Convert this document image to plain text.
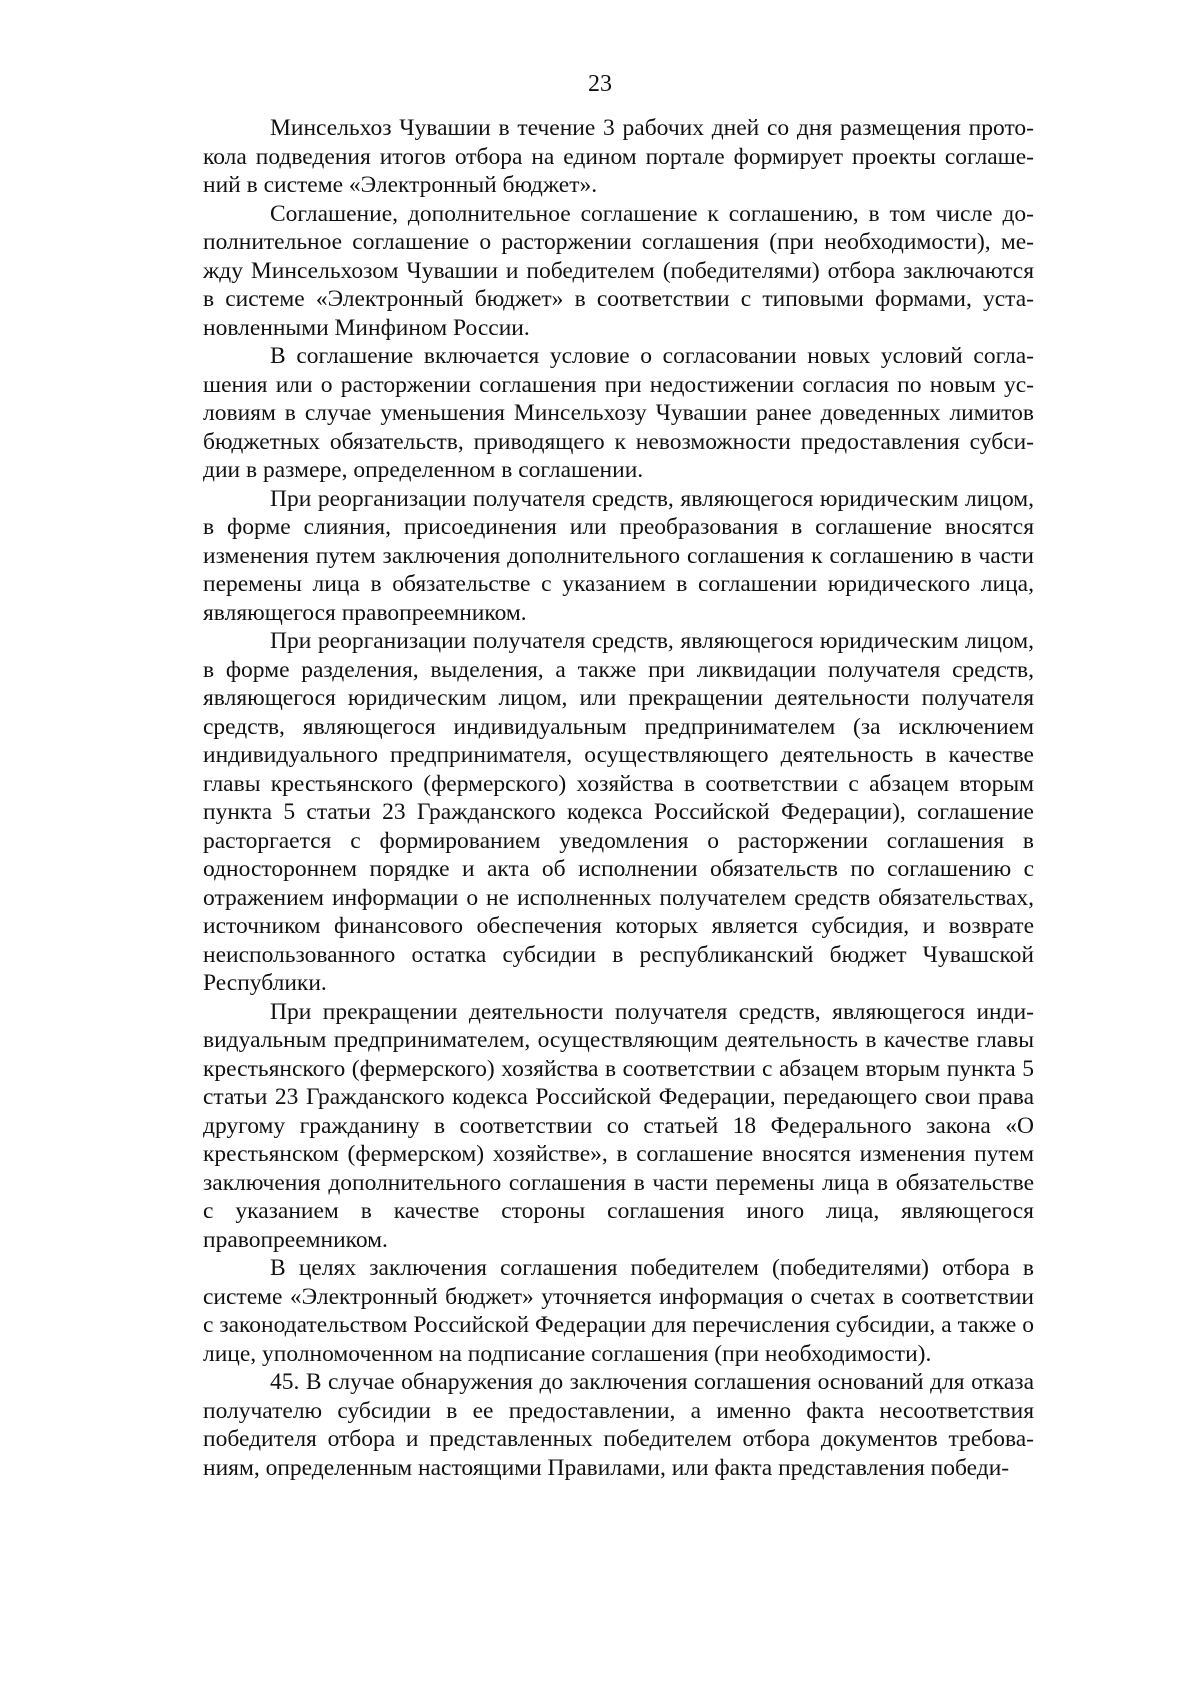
23

Минсельхоз Чувашии в течение 3 рабочих дней со дня размещения протокола подведения итогов отбора на едином портале формирует проекты соглашений в системе «Электронный бюджет».

Соглашение, дополнительное соглашение к соглашению, в том числе дополнительное соглашение о расторжении соглашения (при необходимости), между Минсельхозом Чувашии и победителем (победителями) отбора заключаются в системе «Электронный бюджет» в соответствии с типовыми формами, установленными Минфином России.

В соглашение включается условие о согласовании новых условий соглашения или о расторжении соглашения при недостижении согласия по новым условиям в случае уменьшения Минсельхозу Чувашии ранее доведенных лимитов бюджетных обязательств, приводящего к невозможности предоставления субсидии в размере, определенном в соглашении.

При реорганизации получателя средств, являющегося юридическим лицом, в форме слияния, присоединения или преобразования в соглашение вносятся изменения путем заключения дополнительного соглашения к соглашению в части перемены лица в обязательстве с указанием в соглашении юридического лица, являющегося правопреемником.

При реорганизации получателя средств, являющегося юридическим лицом, в форме разделения, выделения, а также при ликвидации получателя средств, являющегося юридическим лицом, или прекращении деятельности получателя средств, являющегося индивидуальным предпринимателем (за исключением индивидуального предпринимателя, осуществляющего деятельность в качестве главы крестьянского (фермерского) хозяйства в соответствии с абзацем вторым пункта 5 статьи 23 Гражданского кодекса Российской Федерации), соглашение расторгается с формированием уведомления о расторжении соглашения в одностороннем порядке и акта об исполнении обязательств по соглашению с отражением информации о не исполненных получателем средств обязательствах, источником финансового обеспечения которых является субсидия, и возврате неиспользованного остатка субсидии в республиканский бюджет Чувашской Республики.

При прекращении деятельности получателя средств, являющегося индивидуальным предпринимателем, осуществляющим деятельность в качестве главы крестьянского (фермерского) хозяйства в соответствии с абзацем вторым пункта 5 статьи 23 Гражданского кодекса Российской Федерации, передающего свои права другому гражданину в соответствии со статьей 18 Федерального закона «О крестьянском (фермерском) хозяйстве», в соглашение вносятся изменения путем заключения дополнительного соглашения в части перемены лица в обязательстве с указанием в качестве стороны соглашения иного лица, являющегося правопреемником.

В целях заключения соглашения победителем (победителями) отбора в системе «Электронный бюджет» уточняется информация о счетах в соответствии с законодательством Российской Федерации для перечисления субсидии, а также о лице, уполномоченном на подписание соглашения (при необходимости).

45. В случае обнаружения до заключения соглашения оснований для отказа получателю субсидии в ее предоставлении, а именно факта несоответствия победителя отбора и представленных победителем отбора документов требованиям, определенным настоящими Правилами, или факта представления победи-
